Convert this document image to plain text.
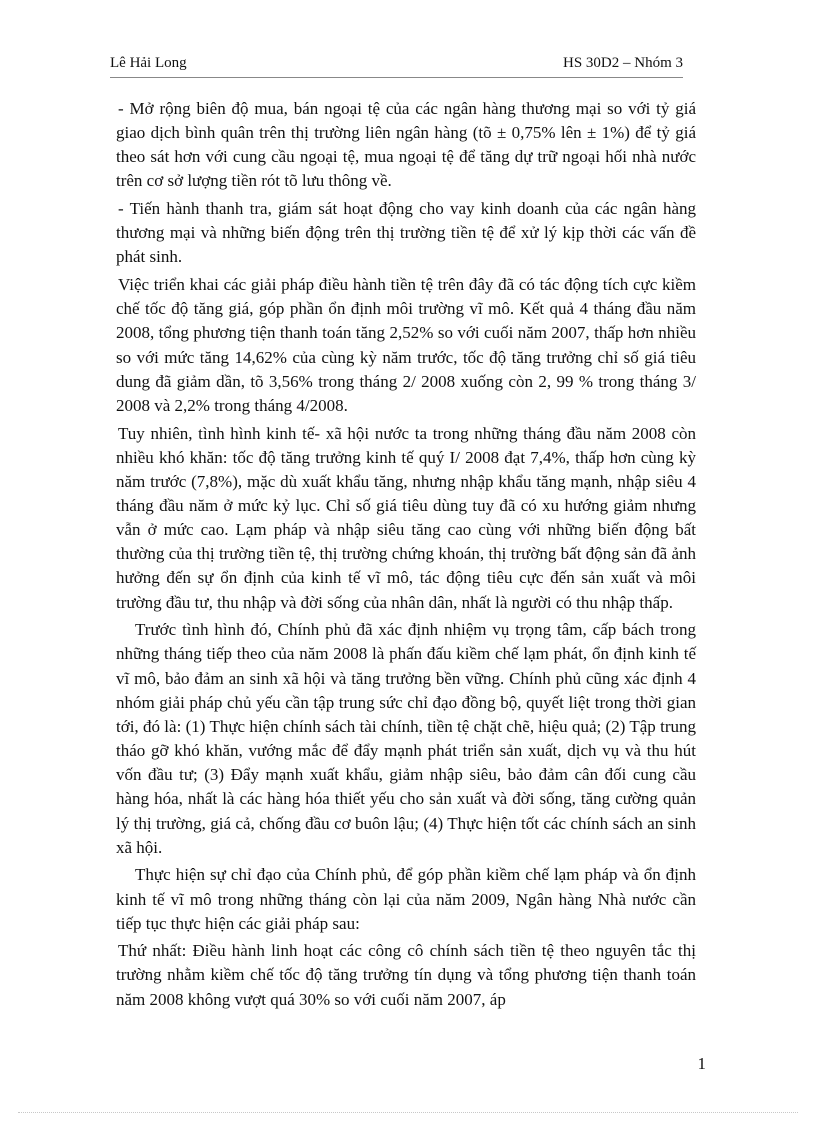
Lê Hải Long	HS 30D2 – Nhóm 3

- Mở rộng biên độ mua, bán ngoại tệ của các ngân hàng thương mại so với tỷ giá giao dịch bình quân trên thị trường liên ngân hàng (tõ ± 0,75% lên ± 1%) để tỷ giá theo sát hơn với cung cầu ngoại tệ, mua ngoại tệ để tăng dự trữ ngoại hối nhà nước trên cơ sở lượng tiền rót tõ lưu thông về.

- Tiến hành thanh tra, giám sát hoạt động cho vay kinh doanh của các ngân hàng thương mại và những biến động trên thị trường tiền tệ để xử lý kịp thời các vấn đề phát sinh.

Việc triển khai các giải pháp điều hành tiền tệ trên đây đã có tác động tích cực kiềm chế tốc độ tăng giá, góp phần ổn định môi trường vĩ mô. Kết quả 4 tháng đầu năm 2008, tổng phương tiện thanh toán tăng 2,52% so với cuối năm 2007, thấp hơn nhiều so với mức tăng 14,62% của cùng kỳ năm trước, tốc độ tăng trưởng chỉ số giá tiêu dung đã giảm dần, tõ 3,56% trong tháng 2/ 2008 xuống còn 2, 99 % trong tháng 3/ 2008 và 2,2% trong tháng 4/2008.

Tuy nhiên, tình hình kinh tế- xã hội nước ta trong những tháng đầu năm 2008 còn nhiều khó khăn: tốc độ tăng trưởng kinh tế quý I/ 2008 đạt 7,4%, thấp hơn cùng kỳ năm trước (7,8%), mặc dù xuất khẩu tăng, nhưng nhập khẩu tăng mạnh, nhập siêu 4 tháng đầu năm ở mức kỷ lục. Chỉ số giá tiêu dùng tuy đã có xu hướng giảm nhưng vẫn ở mức cao. Lạm pháp và nhập siêu tăng cao cùng với những biến động bất thường của thị trường tiền tệ, thị trường chứng khoán, thị trường bất động sản đã ảnh hưởng đến sự ổn định của kinh tế vĩ mô, tác động tiêu cực đến sản xuất và môi trường đầu tư, thu nhập và đời sống của nhân dân, nhất là người có thu nhập thấp.

Trước tình hình đó, Chính phủ đã xác định nhiệm vụ trọng tâm, cấp bách trong những tháng tiếp theo của năm 2008 là phấn đấu kiềm chế lạm phát, ổn định kinh tế vĩ mô, bảo đảm an sinh xã hội và tăng trưởng bền vững. Chính phủ cũng xác định 4 nhóm giải pháp chủ yếu cần tập trung sức chỉ đạo đồng bộ, quyết liệt trong thời gian tới, đó là: (1) Thực hiện chính sách tài chính, tiền tệ chặt chẽ, hiệu quả; (2) Tập trung tháo gỡ khó khăn, vướng mắc để đẩy mạnh phát triển sản xuất, dịch vụ và thu hút vốn đầu tư; (3) Đẩy mạnh xuất khẩu, giảm nhập siêu, bảo đảm cân đối cung cầu hàng hóa, nhất là các hàng hóa thiết yếu cho sản xuất và đời sống, tăng cường quản lý thị trường, giá cả, chống đầu cơ buôn lậu; (4) Thực hiện tốt các chính sách an sinh xã hội.

Thực hiện sự chỉ đạo của Chính phủ, để góp phần kiềm chế lạm pháp và ổn định kinh tế vĩ mô trong những tháng còn lại của năm 2009, Ngân hàng Nhà nước cần tiếp tục thực hiện các giải pháp sau:

Thứ nhất: Điều hành linh hoạt các công cô chính sách tiền tệ theo nguyên tắc thị trường nhằm kiềm chế tốc độ tăng trưởng tín dụng và tổng phương tiện thanh toán năm 2008 không vượt quá 30% so với cuối năm 2007, áp

1
